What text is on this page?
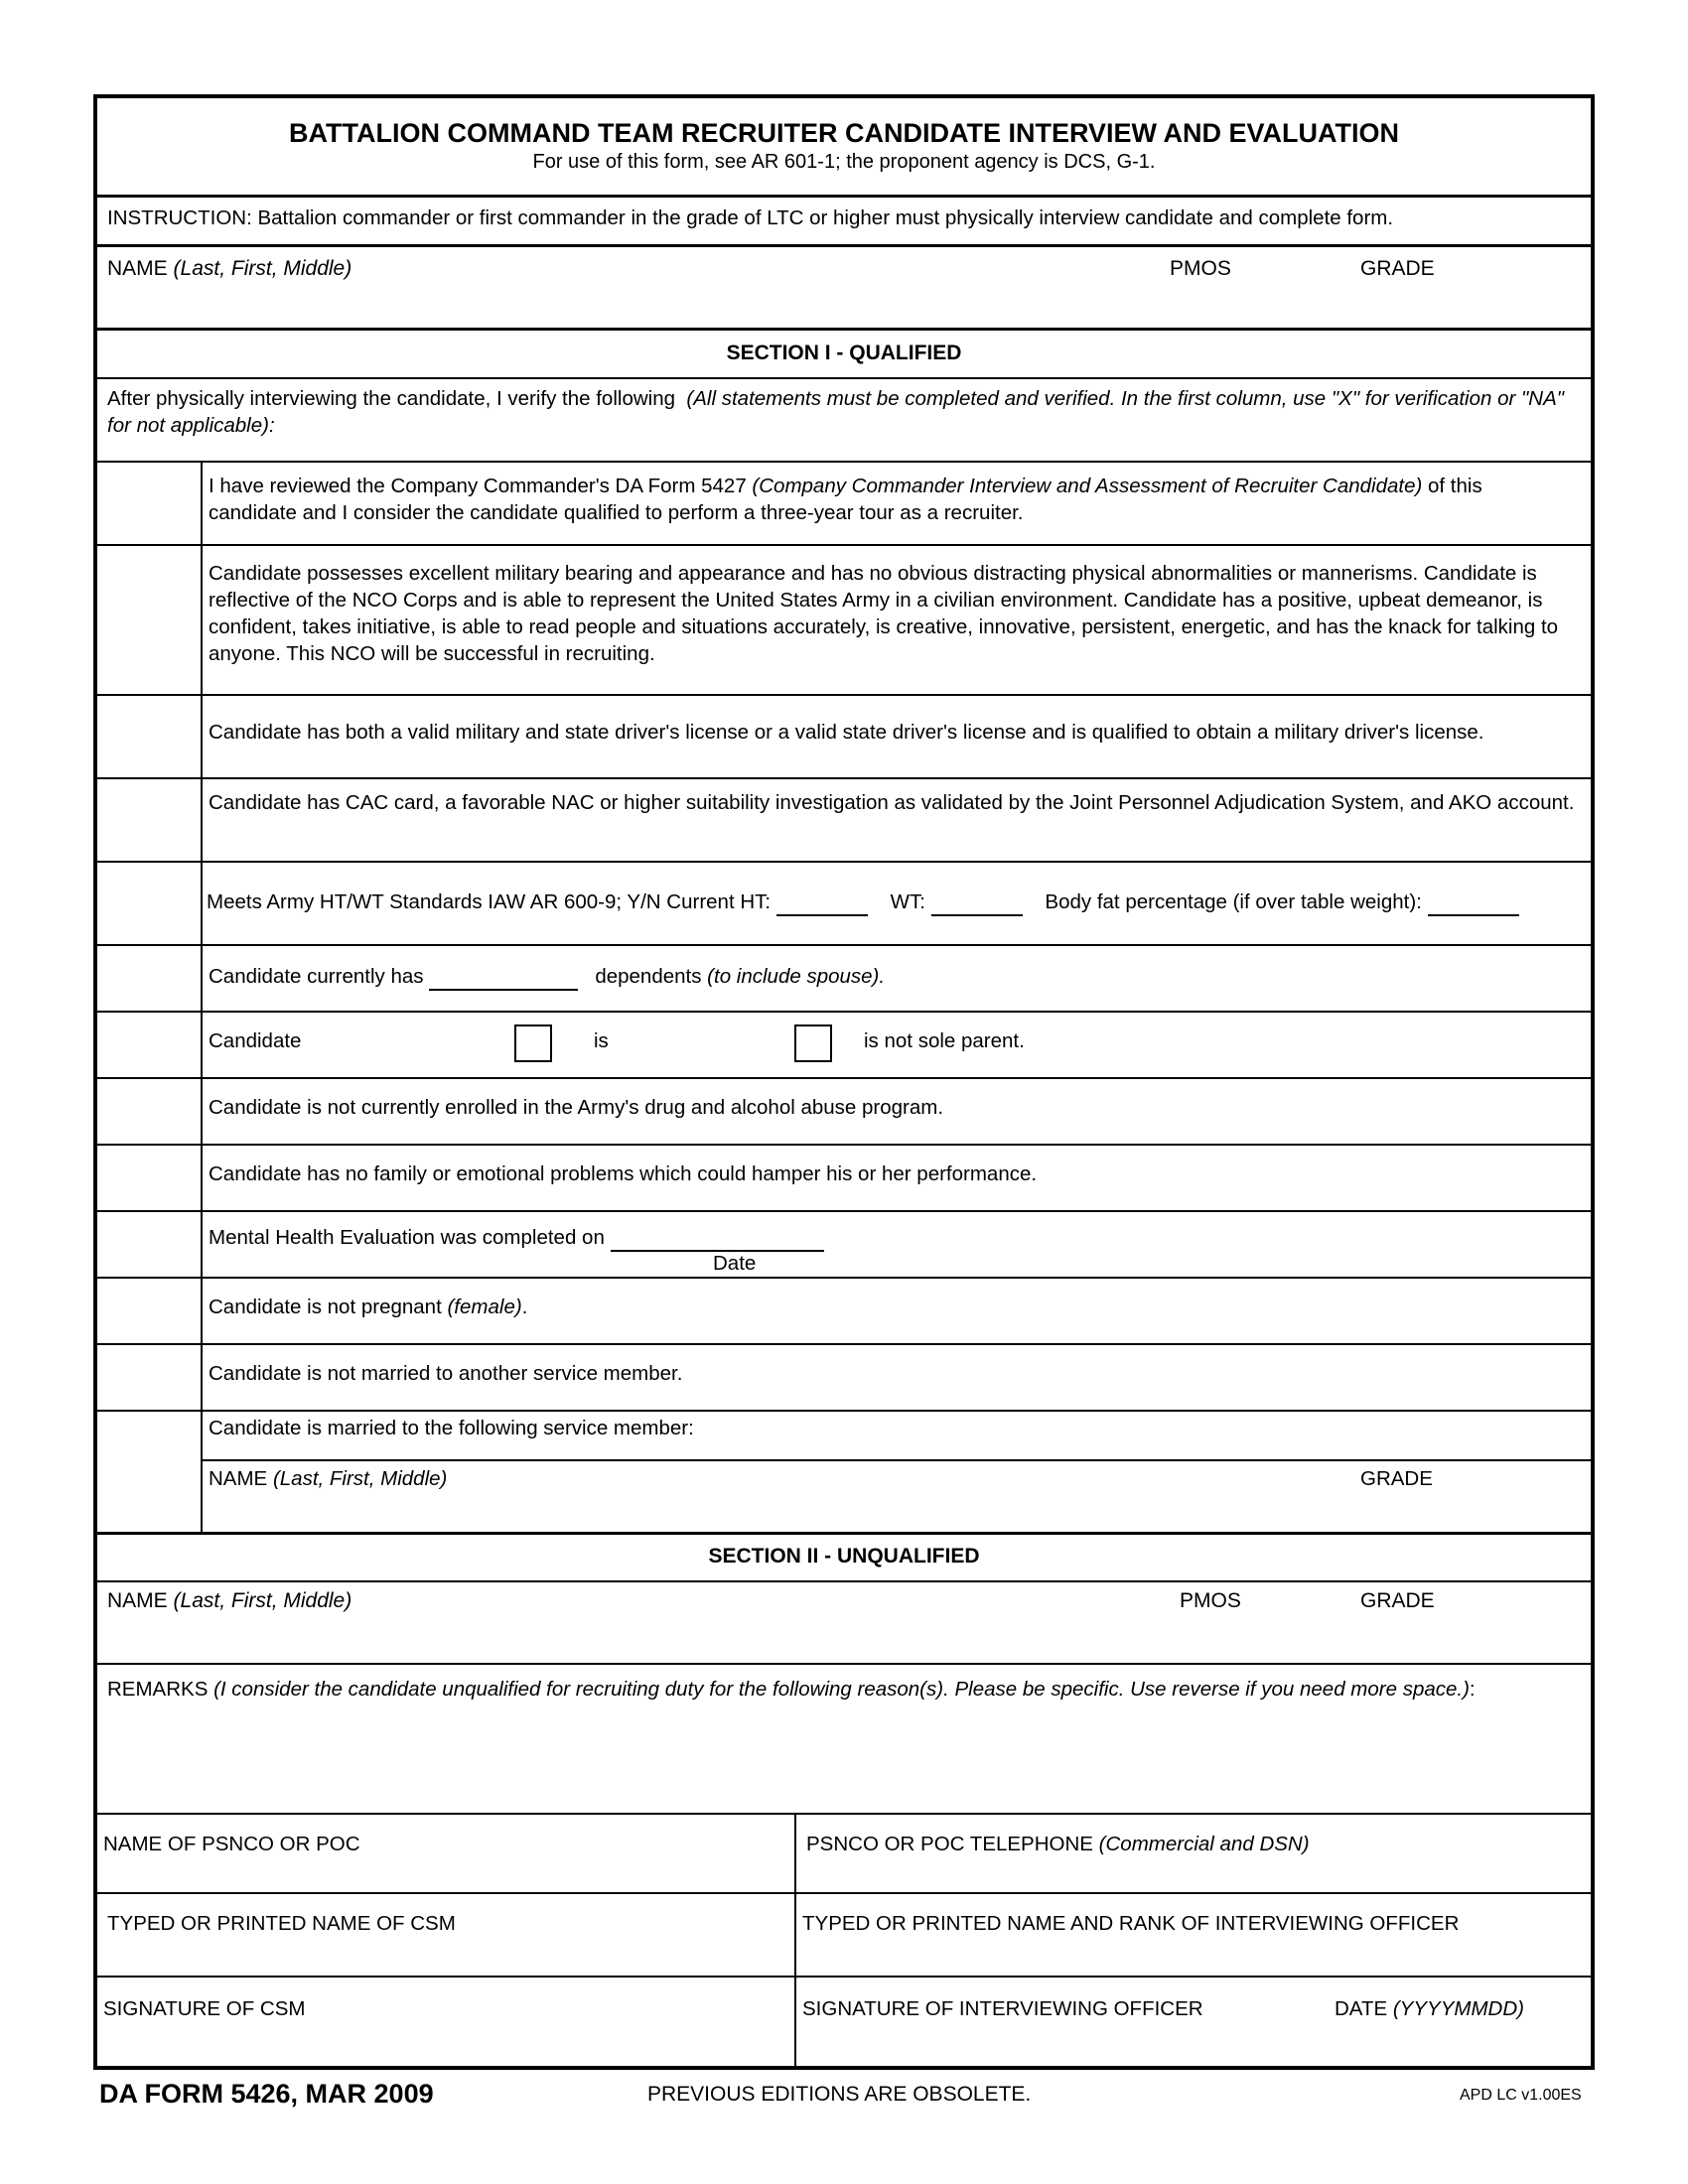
BATTALION COMMAND TEAM RECRUITER CANDIDATE INTERVIEW AND EVALUATION
For use of this form, see AR 601-1; the proponent agency is DCS, G-1.
INSTRUCTION: Battalion commander or first commander in the grade of LTC or higher must physically interview candidate and complete form.
NAME (Last, First, Middle)	PMOS	GRADE
SECTION I - QUALIFIED
After physically interviewing the candidate, I verify the following (All statements must be completed and verified. In the first column, use "X" for verification or "NA" for not applicable):
I have reviewed the Company Commander's DA Form 5427 (Company Commander Interview and Assessment of Recruiter Candidate) of this candidate and I consider the candidate qualified to perform a three-year tour as a recruiter.
Candidate possesses excellent military bearing and appearance and has no obvious distracting physical abnormalities or mannerisms. Candidate is reflective of the NCO Corps and is able to represent the United States Army in a civilian environment. Candidate has a positive, upbeat demeanor, is confident, takes initiative, is able to read people and situations accurately, is creative, innovative, persistent, energetic, and has the knack for talking to anyone. This NCO will be successful in recruiting.
Candidate has both a valid military and state driver's license or a valid state driver's license and is qualified to obtain a military driver's license.
Candidate has CAC card, a favorable NAC or higher suitability investigation as validated by the Joint Personnel Adjudication System, and AKO account.
Meets Army HT/WT Standards IAW AR 600-9; Y/N Current HT:	WT:	Body fat percentage (if over table weight):
Candidate currently has	dependents (to include spouse).
Candidate	is	is not sole parent.
Candidate is not currently enrolled in the Army's drug and alcohol abuse program.
Candidate has no family or emotional problems which could hamper his or her performance.
Mental Health Evaluation was completed on
Date
Candidate is not pregnant (female).
Candidate is not married to another service member.
Candidate is married to the following service member:
NAME (Last, First, Middle)	GRADE
SECTION II - UNQUALIFIED
NAME (Last, First, Middle)	PMOS	GRADE
REMARKS (I consider the candidate unqualified for recruiting duty for the following reason(s). Please be specific. Use reverse if you need more space.):
NAME OF PSNCO OR POC	PSNCO OR POC TELEPHONE (Commercial and DSN)
TYPED OR PRINTED NAME OF CSM	TYPED OR PRINTED NAME AND RANK OF INTERVIEWING OFFICER
SIGNATURE OF CSM	SIGNATURE OF INTERVIEWING OFFICER	DATE (YYYYMMDD)
DA FORM 5426, MAR 2009	PREVIOUS EDITIONS ARE OBSOLETE.	APD LC v1.00ES
